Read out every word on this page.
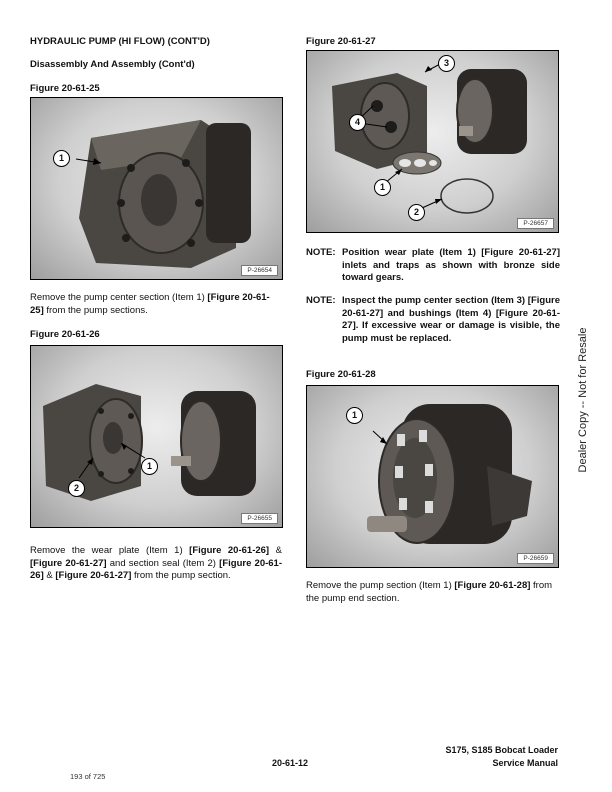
HYDRAULIC PUMP (HI FLOW) (CONT'D)
Disassembly And Assembly (Cont'd)
Figure 20-61-25
1
P-26654
Remove the pump center section (Item 1) [Figure 20-61-25] from the pump sections.
Figure 20-61-26
1
2
P-26655
Remove the wear plate (Item 1) [Figure 20-61-26] & [Figure 20-61-27] and section seal (Item 2) [Figure 20-61-26] & [Figure 20-61-27] from the pump section.
Figure 20-61-27
3
4
1
2
P-26657
NOTE: Position wear plate (Item 1) [Figure 20-61-27] inlets and traps as shown with bronze side toward gears.
NOTE: Inspect the pump center section (Item 3) [Figure 20-61-27] and bushings (Item 4) [Figure 20-61-27]. If excessive wear or damage is visible, the pump must be replaced.
Figure 20-61-28
1
P-26659
Remove the pump section (Item 1) [Figure 20-61-28] from the pump end section.
Dealer Copy -- Not for Resale
20-61-12
S175, S185 Bobcat Loader
Service Manual
193 of 725
